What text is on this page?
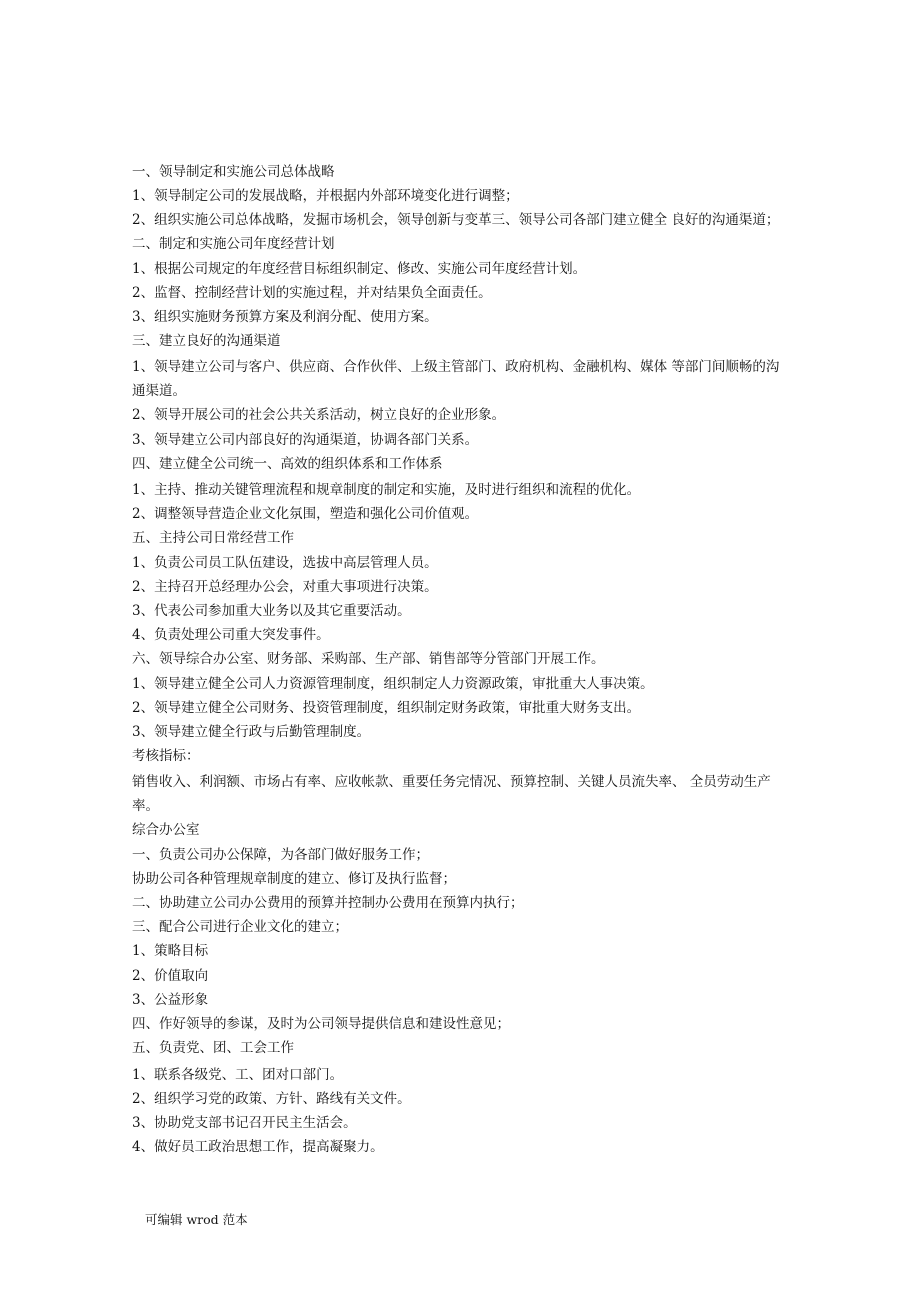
一、领导制定和实施公司总体战略
1、领导制定公司的发展战略，并根据内外部环境变化进行调整；
2、组织实施公司总体战略，发掘市场机会，领导创新与变革三、领导公司各部门建立健全 良好的沟通渠道；
二、制定和实施公司年度经营计划
1、根据公司规定的年度经营目标组织制定、修改、实施公司年度经营计划。
2、监督、控制经营计划的实施过程，并对结果负全面责任。
3、组织实施财务预算方案及利润分配、使用方案。
三、建立良好的沟通渠道
1、领导建立公司与客户、供应商、合作伙伴、上级主管部门、政府机构、金融机构、媒体 等部门间顺畅的沟通渠道。
2、领导开展公司的社会公共关系活动，树立良好的企业形象。
3、领导建立公司内部良好的沟通渠道，协调各部门关系。
四、建立健全公司统一、高效的组织体系和工作体系
1、主持、推动关键管理流程和规章制度的制定和实施，及时进行组织和流程的优化。
2、调整领导营造企业文化氛围，塑造和强化公司价值观。
五、主持公司日常经营工作
1、负责公司员工队伍建设，选拔中高层管理人员。
2、主持召开总经理办公会，对重大事项进行决策。
3、代表公司参加重大业务以及其它重要活动。
4、负责处理公司重大突发事件。
六、领导综合办公室、财务部、采购部、生产部、销售部等分管部门开展工作。
1、领导建立健全公司人力资源管理制度，组织制定人力资源政策，审批重大人事决策。
2、领导建立健全公司财务、投资管理制度，组织制定财务政策，审批重大财务支出。
3、领导建立健全行政与后勤管理制度。
考核指标：
销售收入、利润额、市场占有率、应收帐款、重要任务完情况、预算控制、关键人员流失率、 全员劳动生产率。
综合办公室
一、负责公司办公保障，为各部门做好服务工作；
协助公司各种管理规章制度的建立、修订及执行监督；
二、协助建立公司办公费用的预算并控制办公费用在预算内执行；
三、配合公司进行企业文化的建立；
1、策略目标
2、价值取向
3、公益形象
四、作好领导的参谋，及时为公司领导提供信息和建设性意见；
五、负责党、团、工会工作
1、联系各级党、工、团对口部门。
2、组织学习党的政策、方针、路线有关文件。
3、协助党支部书记召开民主生活会。
4、做好员工政治思想工作，提高凝聚力。
可编辑 wrod 范本
